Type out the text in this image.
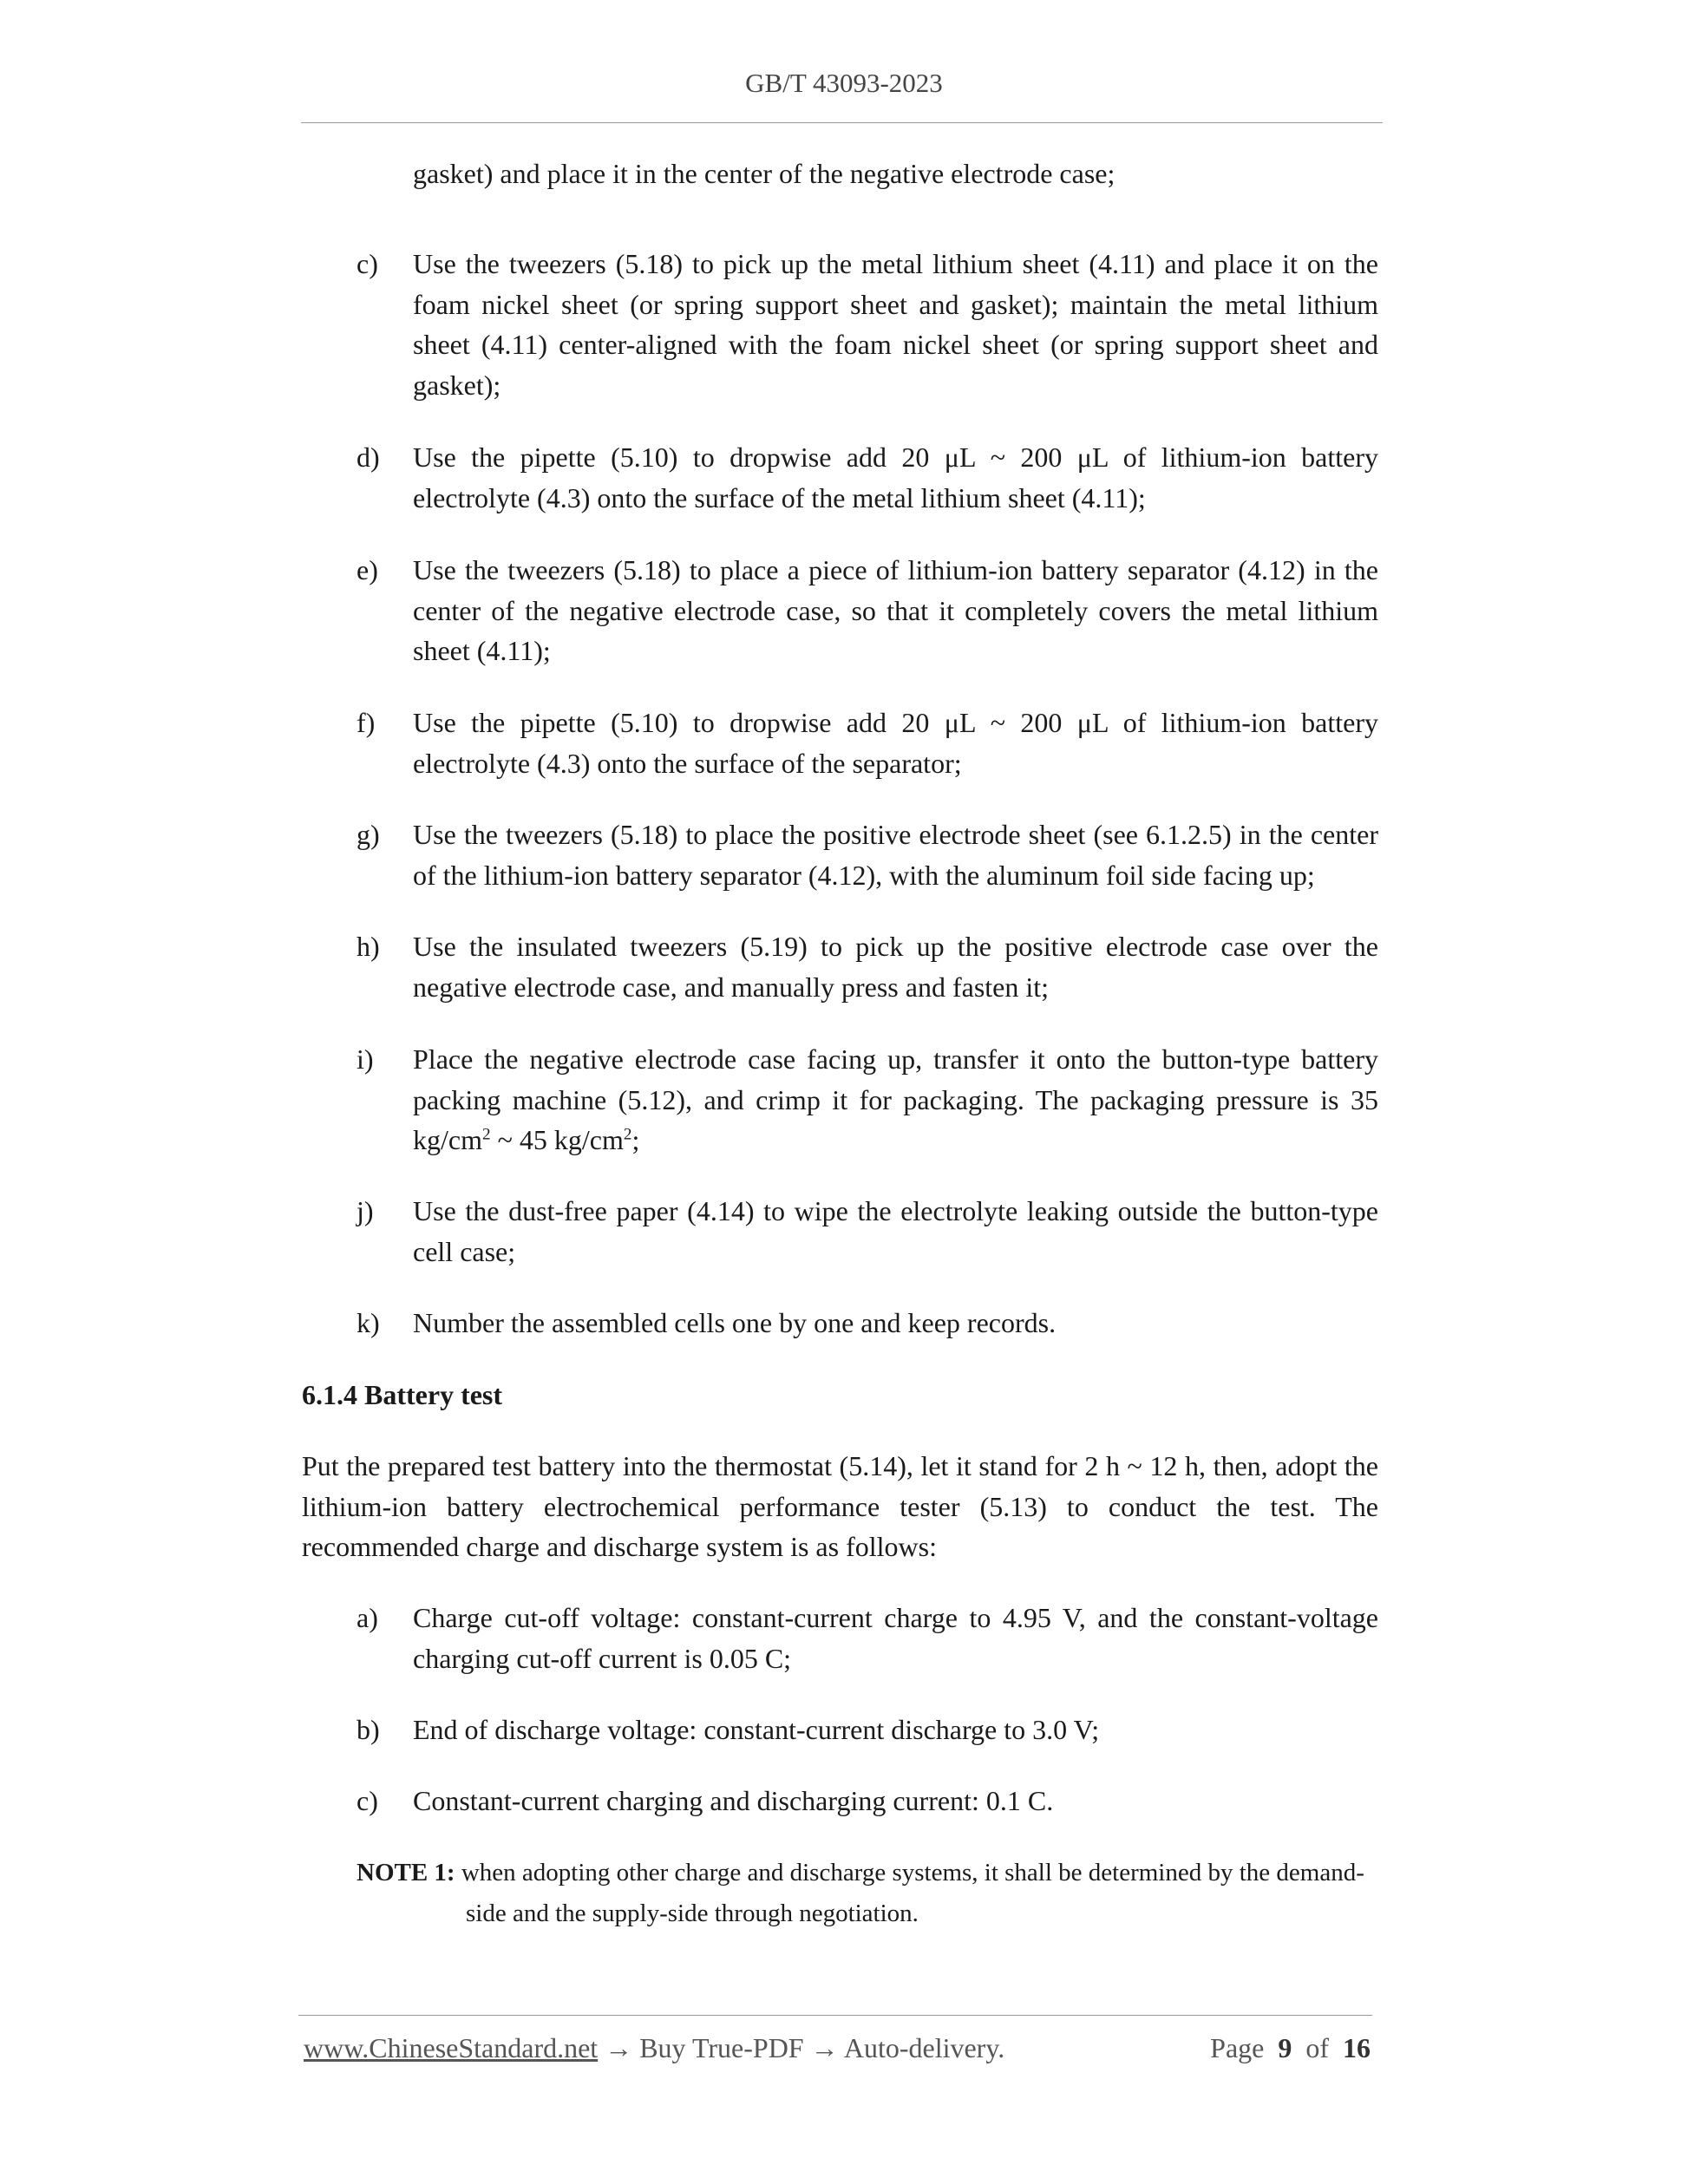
GB/T 43093-2023
gasket) and place it in the center of the negative electrode case;
c)	Use the tweezers (5.18) to pick up the metal lithium sheet (4.11) and place it on the foam nickel sheet (or spring support sheet and gasket); maintain the metal lithium sheet (4.11) center-aligned with the foam nickel sheet (or spring support sheet and gasket);
d)	Use the pipette (5.10) to dropwise add 20 μL ~ 200 μL of lithium-ion battery electrolyte (4.3) onto the surface of the metal lithium sheet (4.11);
e)	Use the tweezers (5.18) to place a piece of lithium-ion battery separator (4.12) in the center of the negative electrode case, so that it completely covers the metal lithium sheet (4.11);
f)	Use the pipette (5.10) to dropwise add 20 μL ~ 200 μL of lithium-ion battery electrolyte (4.3) onto the surface of the separator;
g)	Use the tweezers (5.18) to place the positive electrode sheet (see 6.1.2.5) in the center of the lithium-ion battery separator (4.12), with the aluminum foil side facing up;
h)	Use the insulated tweezers (5.19) to pick up the positive electrode case over the negative electrode case, and manually press and fasten it;
i)	Place the negative electrode case facing up, transfer it onto the button-type battery packing machine (5.12), and crimp it for packaging. The packaging pressure is 35 $kg/cm^2$ ~ 45 $kg/cm^2$;
j)	Use the dust-free paper (4.14) to wipe the electrolyte leaking outside the button-type cell case;
k)	Number the assembled cells one by one and keep records.
6.1.4 Battery test
Put the prepared test battery into the thermostat (5.14), let it stand for 2 h ~ 12 h, then, adopt the lithium-ion battery electrochemical performance tester (5.13) to conduct the test. The recommended charge and discharge system is as follows:
a)	Charge cut-off voltage: constant-current charge to 4.95 V, and the constant-voltage charging cut-off current is 0.05 C;
b)	End of discharge voltage: constant-current discharge to 3.0 V;
c)	Constant-current charging and discharging current: 0.1 C.
NOTE 1: when adopting other charge and discharge systems, it shall be determined by the demand-
side and the supply-side through negotiation.
www.ChineseStandard.net → Buy True-PDF → Auto-delivery.	Page 9 of 16
